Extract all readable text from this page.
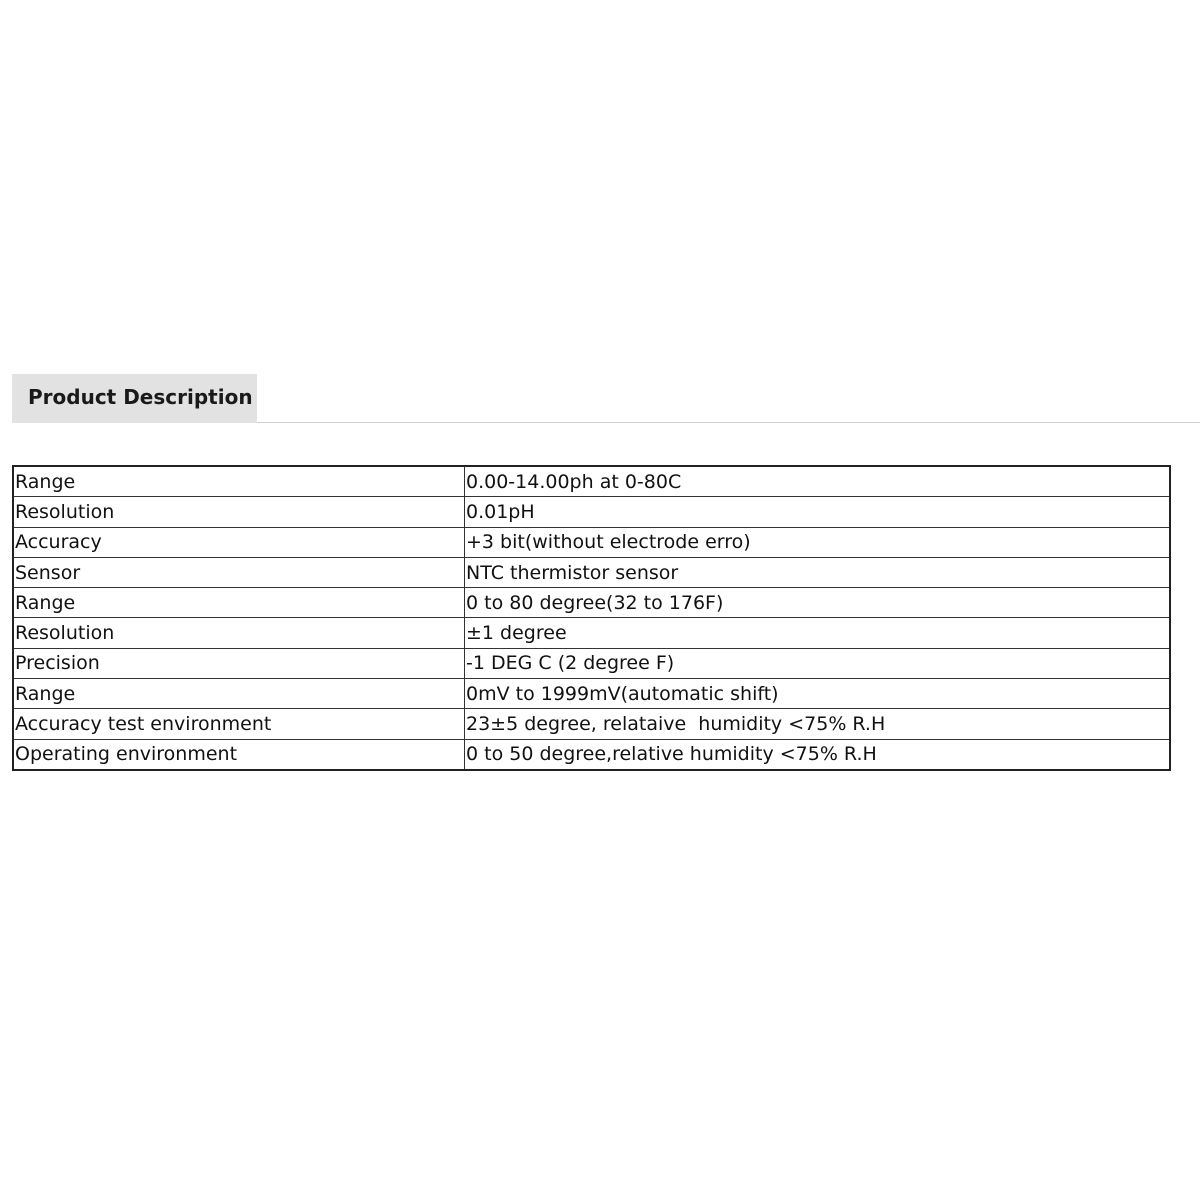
Product Description
Range	0.00-14.00ph at 0-80C
Resolution	0.01pH
Accuracy	+3 bit(without electrode erro)
Sensor	NTC thermistor sensor
Range	0 to 80 degree(32 to 176F)
Resolution	±1 degree
Precision	-1 DEG C (2 degree F)
Range	0mV to 1999mV(automatic shift)
Accuracy test environment	23±5 degree, relataive  humidity <75% R.H
Operating environment	0 to 50 degree,relative humidity <75% R.H
